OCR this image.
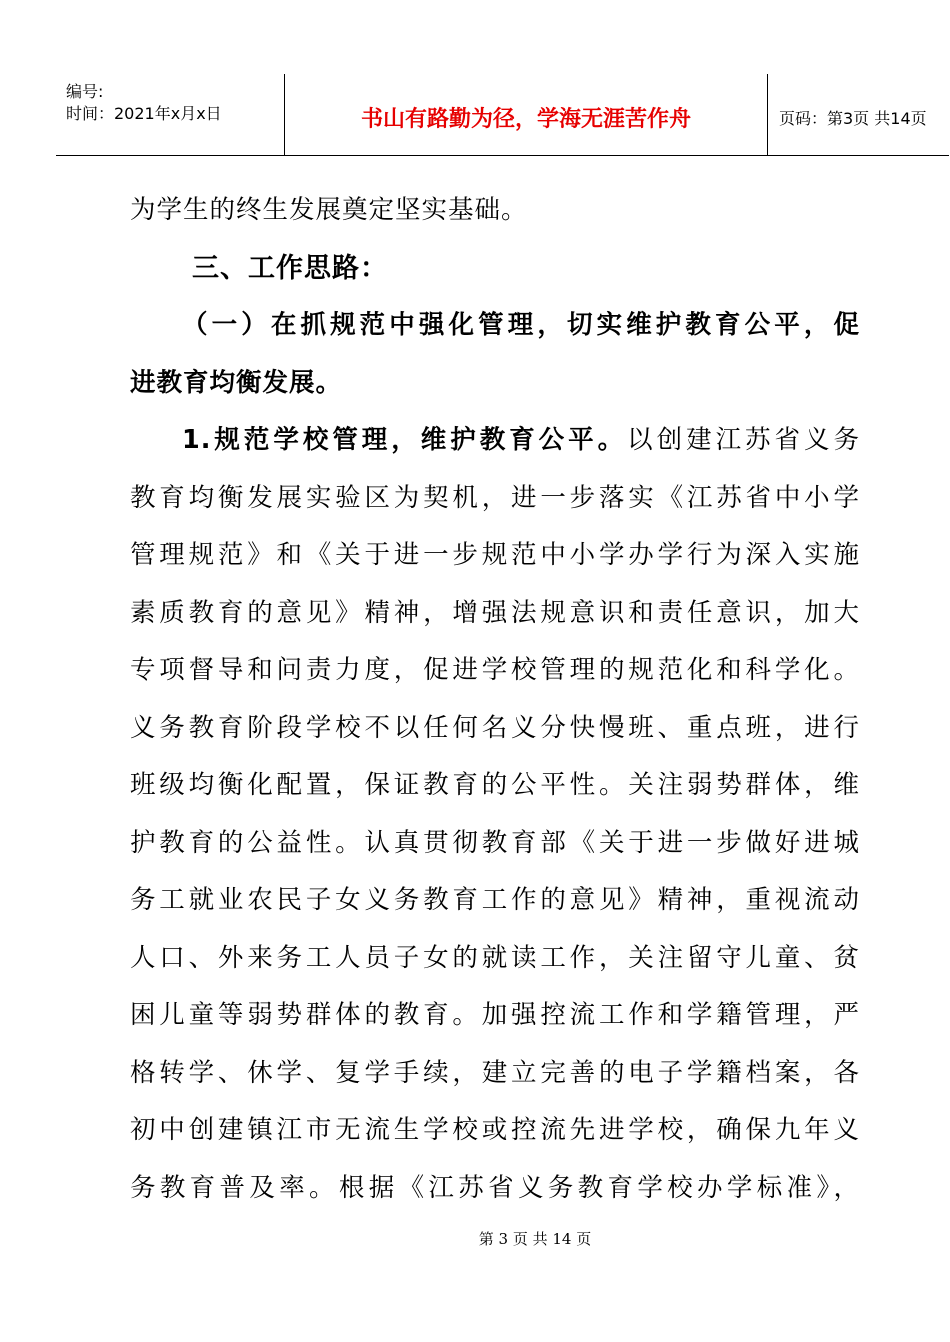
编号:
时间：2021年x月x日	书山有路勤为径，学海无涯苦作舟	页码：第3页 共14页
为学生的终生发展奠定坚实基础。
三、工作思路：
（一）在抓规范中强化管理，切实维护教育公平，促
进教育均衡发展。
1.规范学校管理，维护教育公平。以创建江苏省义务
教育均衡发展实验区为契机，进一步落实《江苏省中小学
管理规范》和《关于进一步规范中小学办学行为深入实施
素质教育的意见》精神，增强法规意识和责任意识，加大
专项督导和问责力度，促进学校管理的规范化和科学化。
义务教育阶段学校不以任何名义分快慢班、重点班，进行
班级均衡化配置，保证教育的公平性。关注弱势群体，维
护教育的公益性。认真贯彻教育部《关于进一步做好进城
务工就业农民子女义务教育工作的意见》精神，重视流动
人口、外来务工人员子女的就读工作，关注留守儿童、贫
困儿童等弱势群体的教育。加强控流工作和学籍管理，严
格转学、休学、复学手续，建立完善的电子学籍档案，各
初中创建镇江市无流生学校或控流先进学校，确保九年义
务教育普及率。根据《江苏省义务教育学校办学标准》，
第 3 页 共 14 页
